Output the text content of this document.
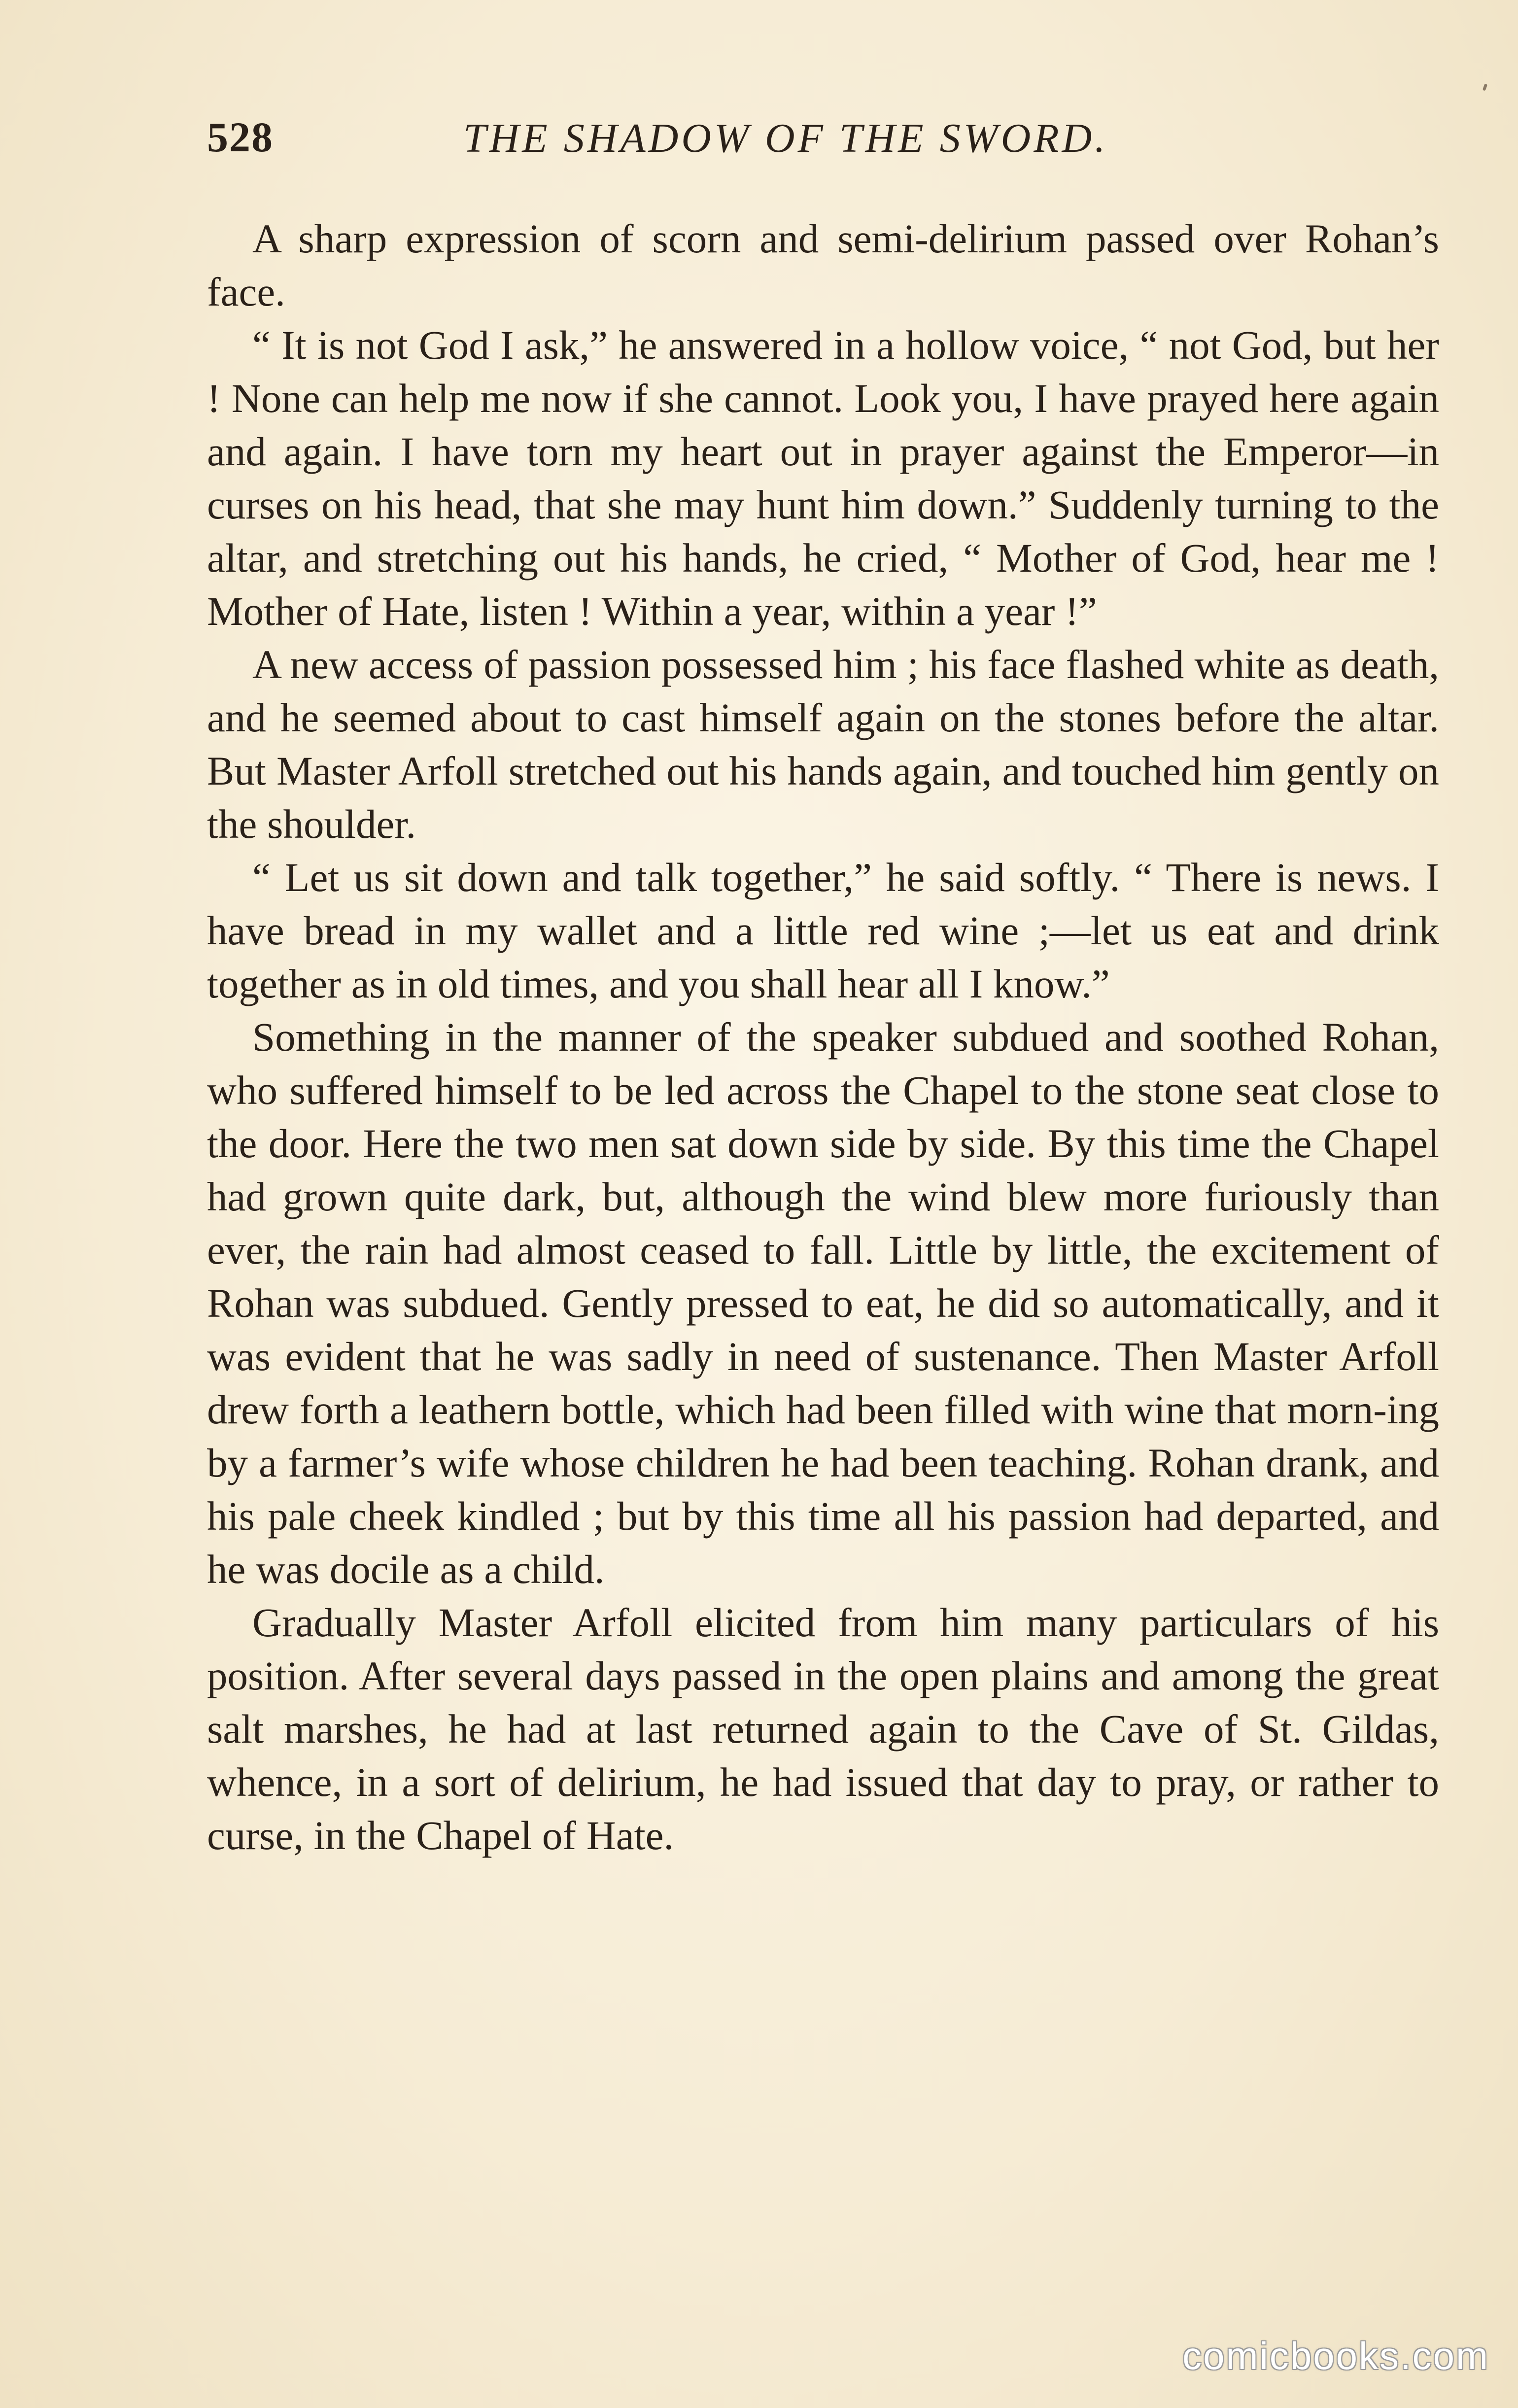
528	THE SHADOW OF THE SWORD.

A sharp expression of scorn and semi-delirium passed over Rohan’s face.

“ It is not God I ask,” he answered in a hollow voice, “ not God, but her ! None can help me now if she cannot. Look you, I have prayed here again and again. I have torn my heart out in prayer against the Emperor—in curses on his head, that she may hunt him down.” Suddenly turning to the altar, and stretching out his hands, he cried, “ Mother of God, hear me ! Mother of Hate, listen ! Within a year, within a year !”

A new access of passion possessed him ; his face flashed white as death, and he seemed about to cast himself again on the stones before the altar. But Master Arfoll stretched out his hands again, and touched him gently on the shoulder.

“ Let us sit down and talk together,” he said softly. “ There is news. I have bread in my wallet and a little red wine ;—let us eat and drink together as in old times, and you shall hear all I know.”

Something in the manner of the speaker subdued and soothed Rohan, who suffered himself to be led across the Chapel to the stone seat close to the door. Here the two men sat down side by side. By this time the Chapel had grown quite dark, but, although the wind blew more furiously than ever, the rain had almost ceased to fall. Little by little, the excitement of Rohan was subdued. Gently pressed to eat, he did so automatically, and it was evident that he was sadly in need of sustenance. Then Master Arfoll drew forth a leathern bottle, which had been filled with wine that morn-ing by a farmer’s wife whose children he had been teaching. Rohan drank, and his pale cheek kindled ; but by this time all his passion had departed, and he was docile as a child.

Gradually Master Arfoll elicited from him many particulars of his position. After several days passed in the open plains and among the great salt marshes, he had at last returned again to the Cave of St. Gildas, whence, in a sort of delirium, he had issued that day to pray, or rather to curse, in the Chapel of Hate.

comicbooks.com
